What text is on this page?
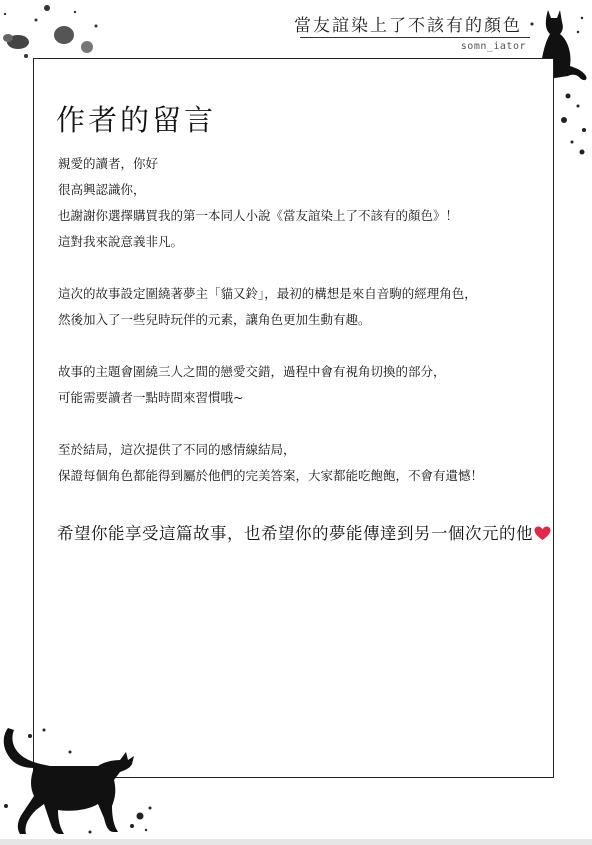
當友誼染上了不該有的顏色
somn_iator
作者的留言

親愛的讀者，你好
很高興認識你，
也謝謝你選擇購買我的第一本同人小說《當友誼染上了不該有的顏色》！
這對我來說意義非凡。

這次的故事設定圍繞著夢主「貓又鈴」，最初的構想是來自音駒的經理角色，
然後加入了一些兒時玩伴的元素，讓角色更加生動有趣。

故事的主題會圍繞三人之間的戀愛交錯，過程中會有視角切換的部分，
可能需要讀者一點時間來習慣哦~

至於結局，這次提供了不同的感情線結局，
保證每個角色都能得到屬於他們的完美答案，大家都能吃飽飽，不會有遺憾！

希望你能享受這篇故事，也希望你的夢能傳達到另一個次元的他
